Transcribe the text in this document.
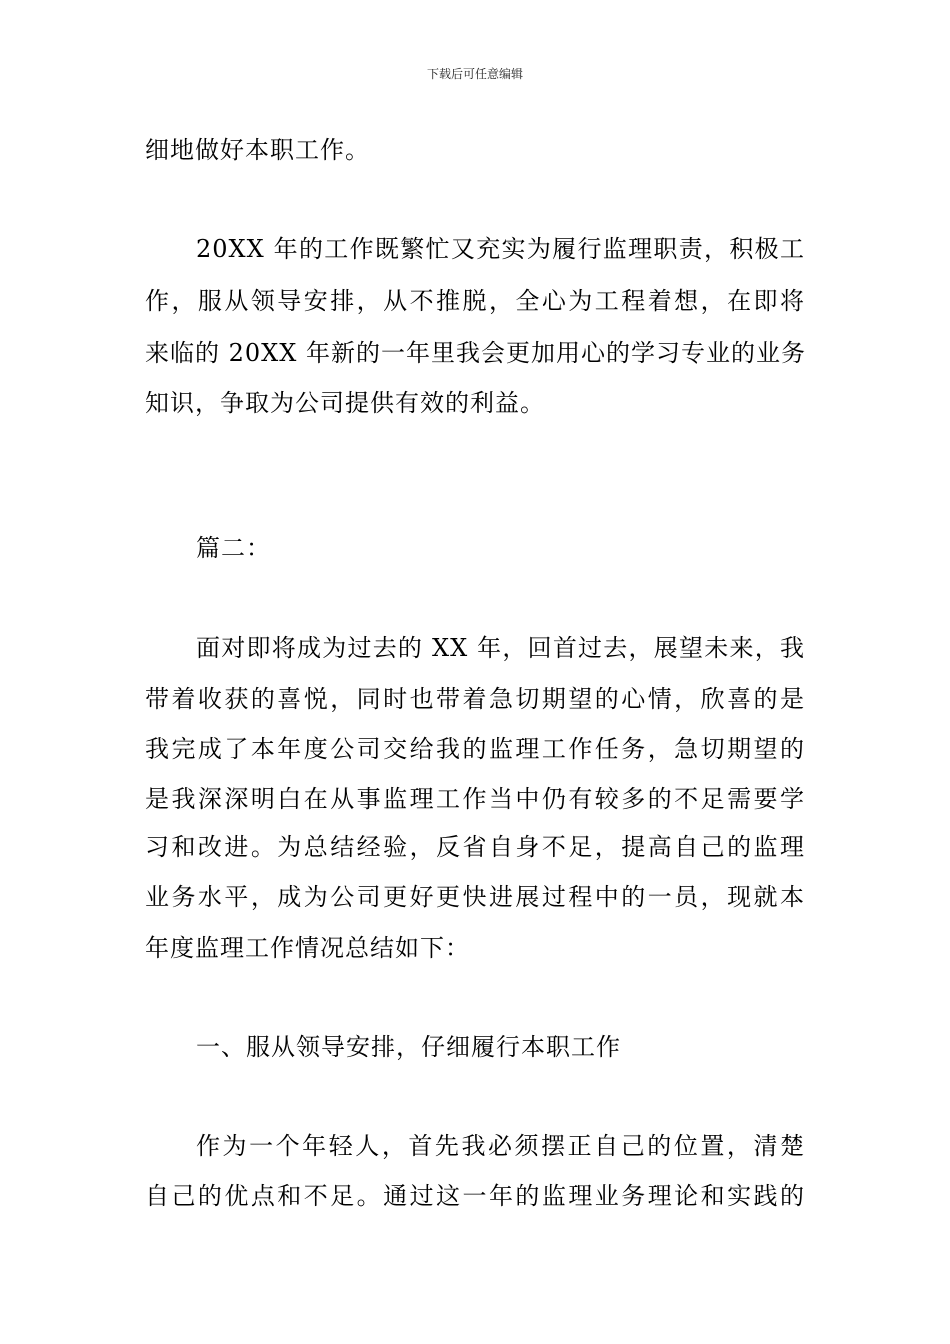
下载后可任意编辑
细地做好本职工作。
20XX 年的工作既繁忙又充实为履行监理职责，积极工
作，服从领导安排，从不推脱，全心为工程着想，在即将
来临的 20XX 年新的一年里我会更加用心的学习专业的业务
知识，争取为公司提供有效的利益。
篇二：
面对即将成为过去的 XX 年，回首过去，展望未来，我
带着收获的喜悦，同时也带着急切期望的心情，欣喜的是
我完成了本年度公司交给我的监理工作任务，急切期望的
是我深深明白在从事监理工作当中仍有较多的不足需要学
习和改进。为总结经验，反省自身不足，提高自己的监理
业务水平，成为公司更好更快进展过程中的一员，现就本
年度监理工作情况总结如下：
一、服从领导安排，仔细履行本职工作
作为一个年轻人，首先我必须摆正自己的位置，清楚
自己的优点和不足。通过这一年的监理业务理论和实践的
